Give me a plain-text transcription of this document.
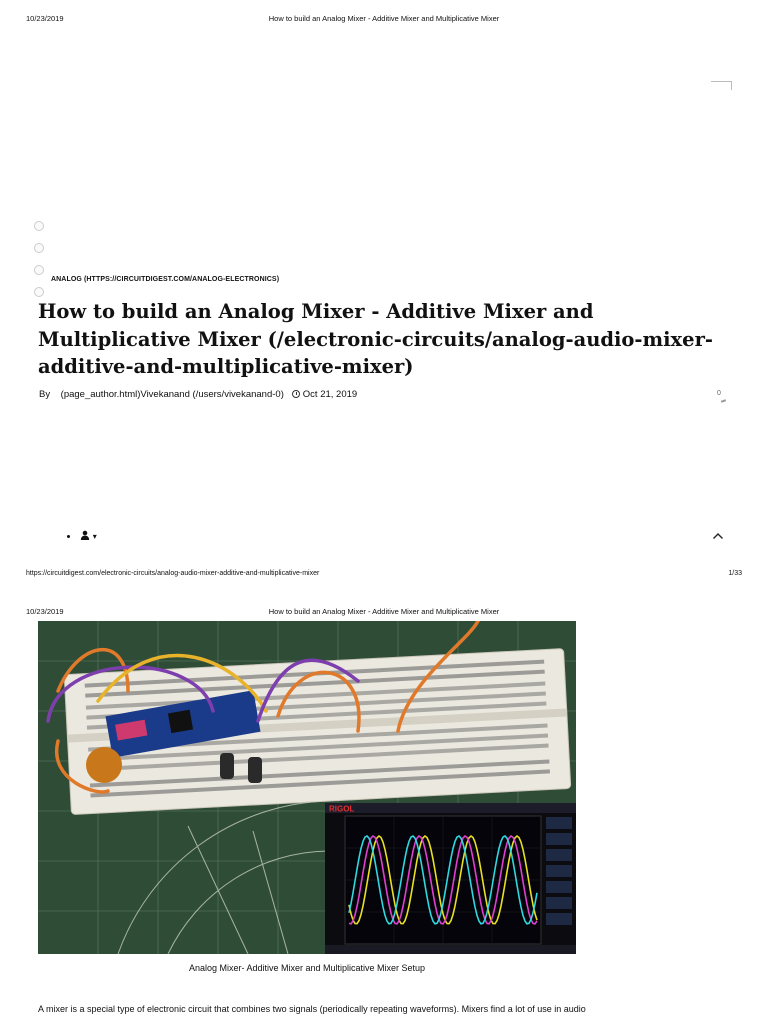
10/23/2019	How to build an Analog Mixer - Additive Mixer and Multiplicative Mixer
ANALOG (HTTPS://CIRCUITDIGEST.COM/ANALOG-ELECTRONICS)
How to build an Analog Mixer - Additive Mixer and Multiplicative Mixer (/electronic-circuits/analog-audio-mixer-additive-and-multiplicative-mixer)
By (page_author.html)Vivekanand (/users/vivekanand-0) Oct 21, 2019	0
▾
https://circuitdigest.com/electronic-circuits/analog-audio-mixer-additive-and-multiplicative-mixer	1/33
10/23/2019	How to build an Analog Mixer - Additive Mixer and Multiplicative Mixer
RIGOL
Analog Mixer- Additive Mixer and Multiplicative Mixer Setup
A mixer is a special type of electronic circuit that combines two signals (periodically repeating waveforms). Mixers find a lot of use in audio
